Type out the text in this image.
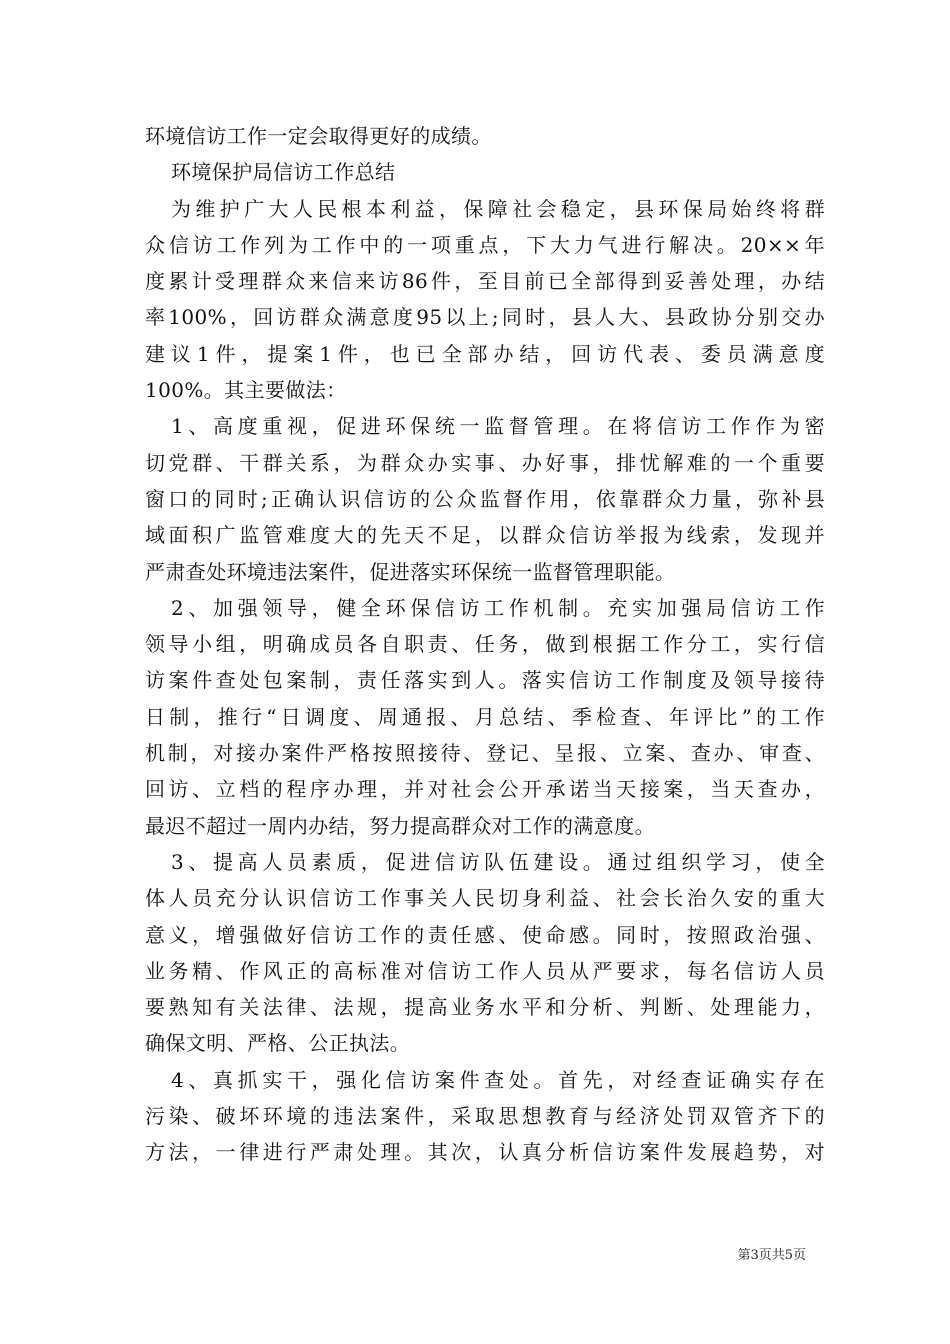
环境信访工作一定会取得更好的成绩。
环境保护局信访工作总结
为维护广大人民根本利益，保障社会稳定，县环保局始终将群
众信访工作列为工作中的一项重点，下大力气进行解决。20××年
度累计受理群众来信来访86件，至目前已全部得到妥善处理，办结
率100%，回访群众满意度95以上;同时，县人大、县政协分别交办
建议1件，提案1件，也已全部办结，回访代表、委员满意度
100%。其主要做法：
1、高度重视，促进环保统一监督管理。在将信访工作作为密
切党群、干群关系，为群众办实事、办好事，排忧解难的一个重要
窗口的同时;正确认识信访的公众监督作用，依靠群众力量，弥补县
域面积广监管难度大的先天不足，以群众信访举报为线索，发现并
严肃查处环境违法案件，促进落实环保统一监督管理职能。
2、加强领导，健全环保信访工作机制。充实加强局信访工作
领导小组，明确成员各自职责、任务，做到根据工作分工，实行信
访案件查处包案制，责任落实到人。落实信访工作制度及领导接待
日制，推行“日调度、周通报、月总结、季检查、年评比”的工作
机制，对接办案件严格按照接待、登记、呈报、立案、查办、审查、
回访、立档的程序办理，并对社会公开承诺当天接案，当天查办，
最迟不超过一周内办结，努力提高群众对工作的满意度。
3、提高人员素质，促进信访队伍建设。通过组织学习，使全
体人员充分认识信访工作事关人民切身利益、社会长治久安的重大
意义，增强做好信访工作的责任感、使命感。同时，按照政治强、
业务精、作风正的高标准对信访工作人员从严要求，每名信访人员
要熟知有关法律、法规，提高业务水平和分析、判断、处理能力，
确保文明、严格、公正执法。
4、真抓实干，强化信访案件查处。首先，对经查证确实存在
污染、破坏环境的违法案件，采取思想教育与经济处罚双管齐下的
方法，一律进行严肃处理。其次，认真分析信访案件发展趋势，对
第3页共5页
